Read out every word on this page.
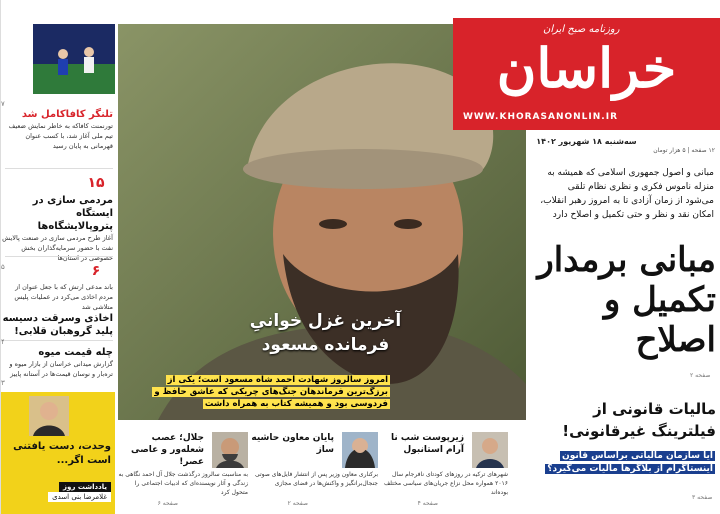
آخرین غزل خوانیِ فرمانده مسعود
امروز سالروز شهادت احمد شاه مسعود است؛ یکی از برزگ‌ترین فرماندهان جنگ‌های چریکی که عاشق حافظ و فردوسی بود و همیشه کتاب به همراه داشت
صفحه ۵
روزنامه صبح ایران
خراسان
WWW.KHORASANONLIN.IR
سه‌شنبه ۱۸ شهریور ۱۴۰۲
۱۲ صفحه | ۵ هزار تومان
مبانی و اصول جمهوری اسلامی که همیشه به منزله ناموس فکری و نظری نظام تلقی می‌شود از زمان آزادی تا به امروز رهبر انقلاب، امکان نقد و نظر و حتی تکمیل و اصلاح دارد
مبانی برمدار تکمیل و اصلاح
صفحه ۲
مالیات قانونی از فیلترینگ غیرقانونی!
آیا سازمان مالیاتی براساس قانون اینستاگرام از بلاگرها مالیات می‌گیرد؟
صفحه ۳
زیرپوست شب نا آرام استانبول
شهرهای ترکیه در روزهای کودتای نافرجام سال ۲۰۱۶ همواره محل نزاع جریان‌های سیاسی مختلف بوده‌اند
صفحه ۴
پایان معاون حاشیه ساز
برکناری معاون وزیر پس از انتشار فایل‌های صوتی جنجال‌برانگیز و واکنش‌ها در فضای مجازی
صفحه ۲
جلال؛ عصب شعله‌ور و عاصی عصر!
به مناسبت سالروز درگذشت جلال آل احمد نگاهی به زندگی و آثار نویسنده‌ای که ادبیات اجتماعی را متحول کرد
صفحه ۶
۷
تلنگر کافاکامل شد
تورنمنت کافاکه به خاطر نمایش ضعیف تیم ملی آغاز شد، با کسب عنوان قهرمانی به پایان رسید
۱۵
مردمی سازی در ایستگاه پتروپالایشگاه‌ها
آغاز طرح مردمی سازی در صنعت پالایش نفت با حضور سرمایه‌گذاران بخش خصوصی در استان‌ها
۵	۶
باند مدعی ارتش که با جعل عنوان از مردم اخاذی می‌کرد در عملیات پلیس متلاشی شد
اخاذی وسرقت دسیسه پلید گروهبان قلابی!
۴
چله قیمت میوه
گزارش میدانی خراسان از بازار میوه و تره‌بار و نوسان قیمت‌ها در آستانه پاییز
۳
وحدت، دست یافتنی است اگر...
یادداشت روز غلامرضا بنی اسدی
